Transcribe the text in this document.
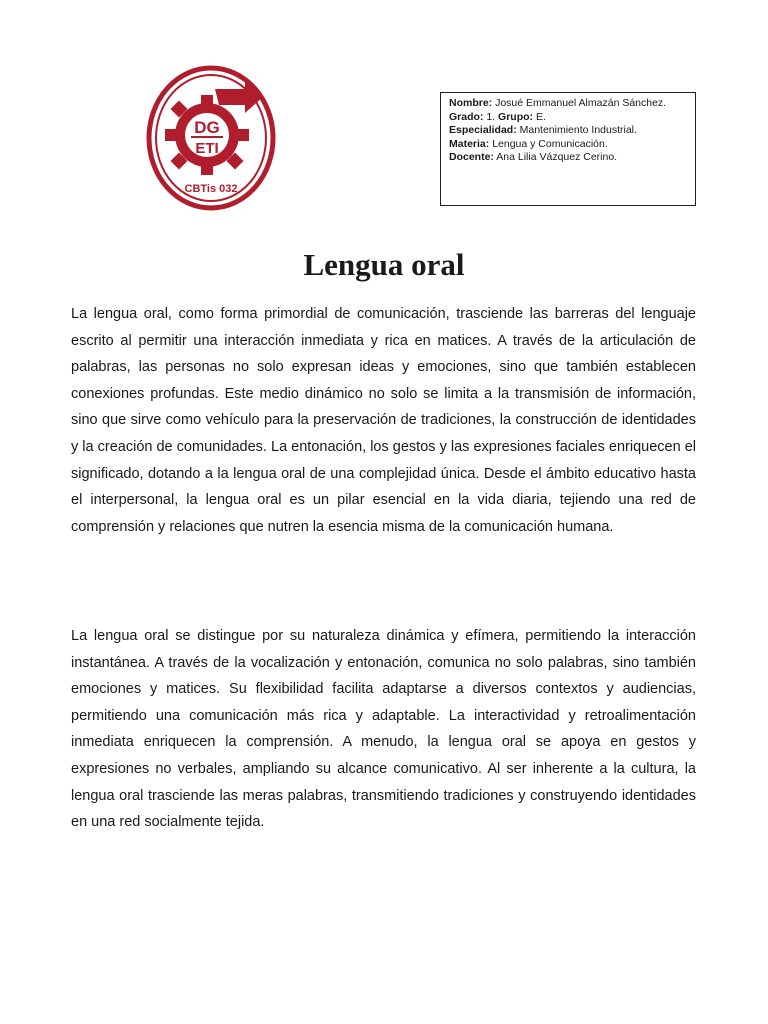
DG
ETI
CBTis 032
Nombre: Josué Emmanuel Almazán Sánchez.
Grado: 1. Grupo: E.
Especialidad: Mantenimiento Industrial.
Materia: Lengua y Comunicación.
Docente: Ana Lilia Vázquez Cerino.
Lengua oral

La lengua oral, como forma primordial de comunicación, trasciende las barreras del lenguaje escrito al permitir una interacción inmediata y rica en matices. A través de la articulación de palabras, las personas no solo expresan ideas y emociones, sino que también establecen conexiones profundas. Este medio dinámico no solo se limita a la transmisión de información, sino que sirve como vehículo para la preservación de tradiciones, la construcción de identidades y la creación de comunidades. La entonación, los gestos y las expresiones faciales enriquecen el significado, dotando a la lengua oral de una complejidad única. Desde el ámbito educativo hasta el interpersonal, la lengua oral es un pilar esencial en la vida diaria, tejiendo una red de comprensión y relaciones que nutren la esencia misma de la comunicación humana.

La lengua oral se distingue por su naturaleza dinámica y efímera, permitiendo la interacción instantánea. A través de la vocalización y entonación, comunica no solo palabras, sino también emociones y matices. Su flexibilidad facilita adaptarse a diversos contextos y audiencias, permitiendo una comunicación más rica y adaptable. La interactividad y retroalimentación inmediata enriquecen la comprensión. A menudo, la lengua oral se apoya en gestos y expresiones no verbales, ampliando su alcance comunicativo. Al ser inherente a la cultura, la lengua oral trasciende las meras palabras, transmitiendo tradiciones y construyendo identidades en una red socialmente tejida.
